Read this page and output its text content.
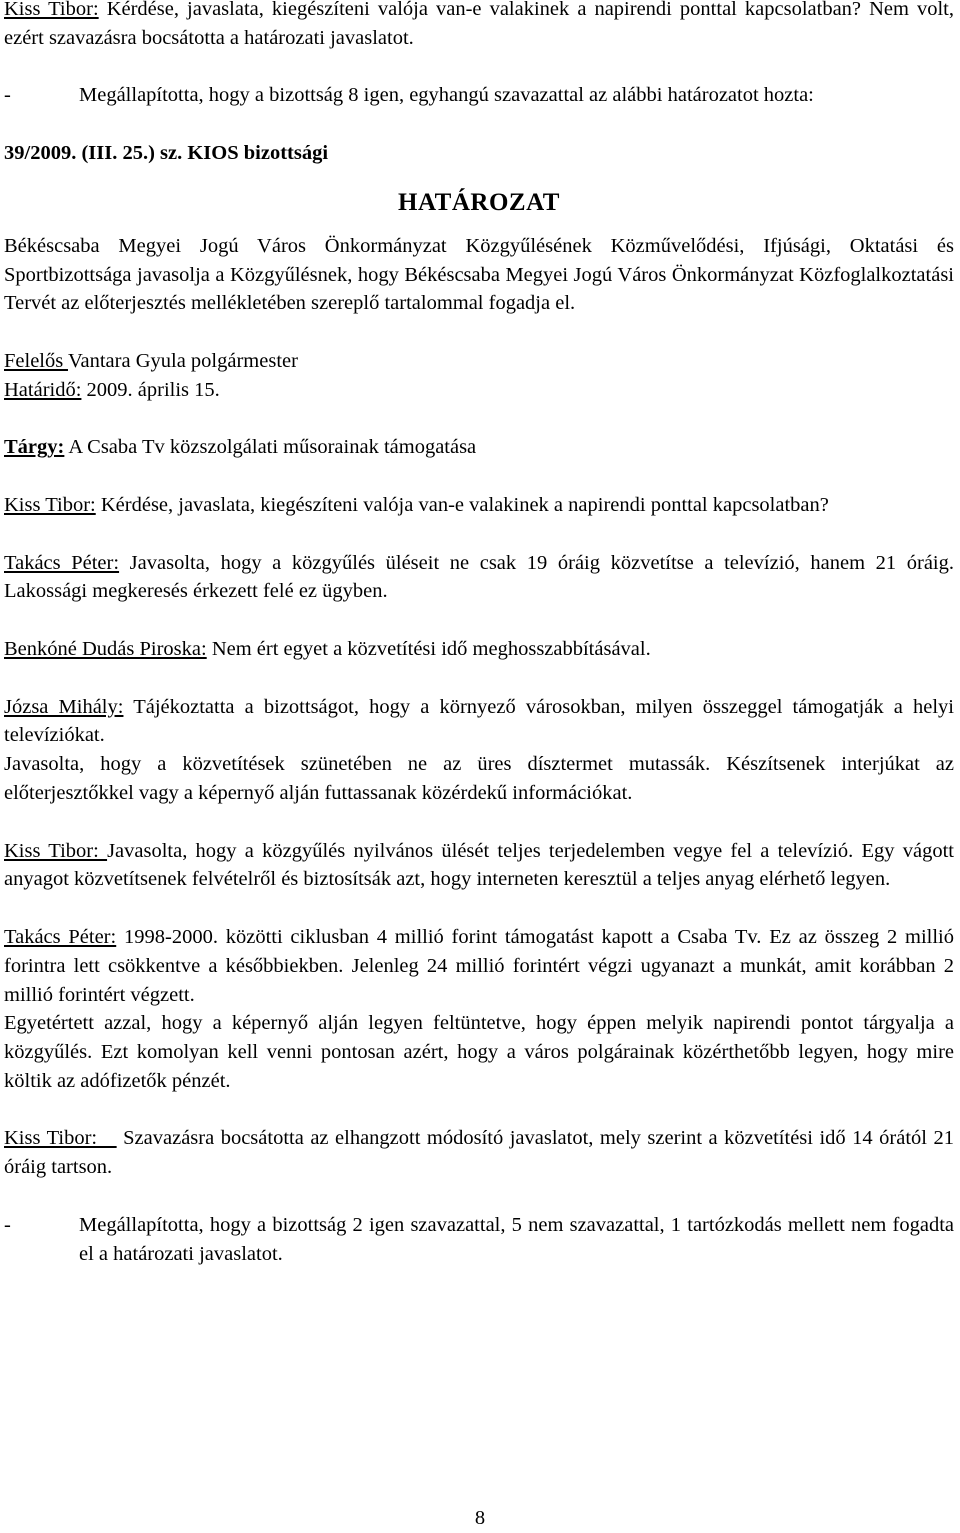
Kiss Tibor: Kérdése, javaslata, kiegészíteni valója van-e valakinek a napirendi ponttal kapcsolatban? Nem volt, ezért szavazásra bocsátotta a határozati javaslatot.

-	Megállapította, hogy a bizottság 8 igen, egyhangú szavazattal az alábbi határozatot hozta:

39/2009. (III. 25.) sz. KIOS bizottsági

HATÁROZAT

Békéscsaba Megyei Jogú Város Önkormányzat Közgyűlésének Közművelődési, Ifjúsági, Oktatási és Sportbizottsága javasolja a Közgyűlésnek, hogy Békéscsaba Megyei Jogú Város Önkormányzat Közfoglalkoztatási Tervét az előterjesztés mellékletében szereplő tartalommal fogadja el.

Felelős Vantara Gyula polgármester

Határidő: 2009. április 15.

Tárgy: A Csaba Tv közszolgálati műsorainak támogatása

Kiss Tibor: Kérdése, javaslata, kiegészíteni valója van-e valakinek a napirendi ponttal kapcsolatban?

Takács Péter: Javasolta, hogy a közgyűlés üléseit ne csak 19 óráig közvetítse a televízió, hanem 21 óráig. Lakossági megkeresés érkezett felé ez ügyben.

Benkóné Dudás Piroska: Nem ért egyet a közvetítési idő meghosszabbításával.

Józsa Mihály: Tájékoztatta a bizottságot, hogy a környező városokban, milyen összeggel támogatják a helyi televíziókat.

Javasolta, hogy a közvetítések szünetében ne az üres dísztermet mutassák. Készítsenek interjúkat az előterjesztőkkel vagy a képernyő alján futtassanak közérdekű információkat.

Kiss Tibor: Javasolta, hogy a közgyűlés nyilvános ülését teljes terjedelemben vegye fel a televízió. Egy vágott anyagot közvetítsenek felvételről és biztosítsák azt, hogy interneten keresztül a teljes anyag elérhető legyen.

Takács Péter: 1998-2000. közötti ciklusban 4 millió forint támogatást kapott a Csaba Tv. Ez az összeg 2 millió forintra lett csökkentve a későbbiekben. Jelenleg 24 millió forintért végzi ugyanazt a munkát, amit korábban 2 millió forintért végzett.

Egyetértett azzal, hogy a képernyő alján legyen feltüntetve, hogy éppen melyik napirendi pontot tárgyalja a közgyűlés. Ezt komolyan kell venni pontosan azért, hogy a város polgárainak közérthetőbb legyen, hogy mire költik az adófizetők pénzét.

Kiss Tibor:    Szavazásra bocsátotta az elhangzott módosító javaslatot, mely szerint a közvetítési idő 14 órától 21 óráig tartson.

-	Megállapította, hogy a bizottság 2 igen szavazattal, 5 nem szavazattal, 1 tartózkodás mellett nem fogadta el a határozati javaslatot.
8
